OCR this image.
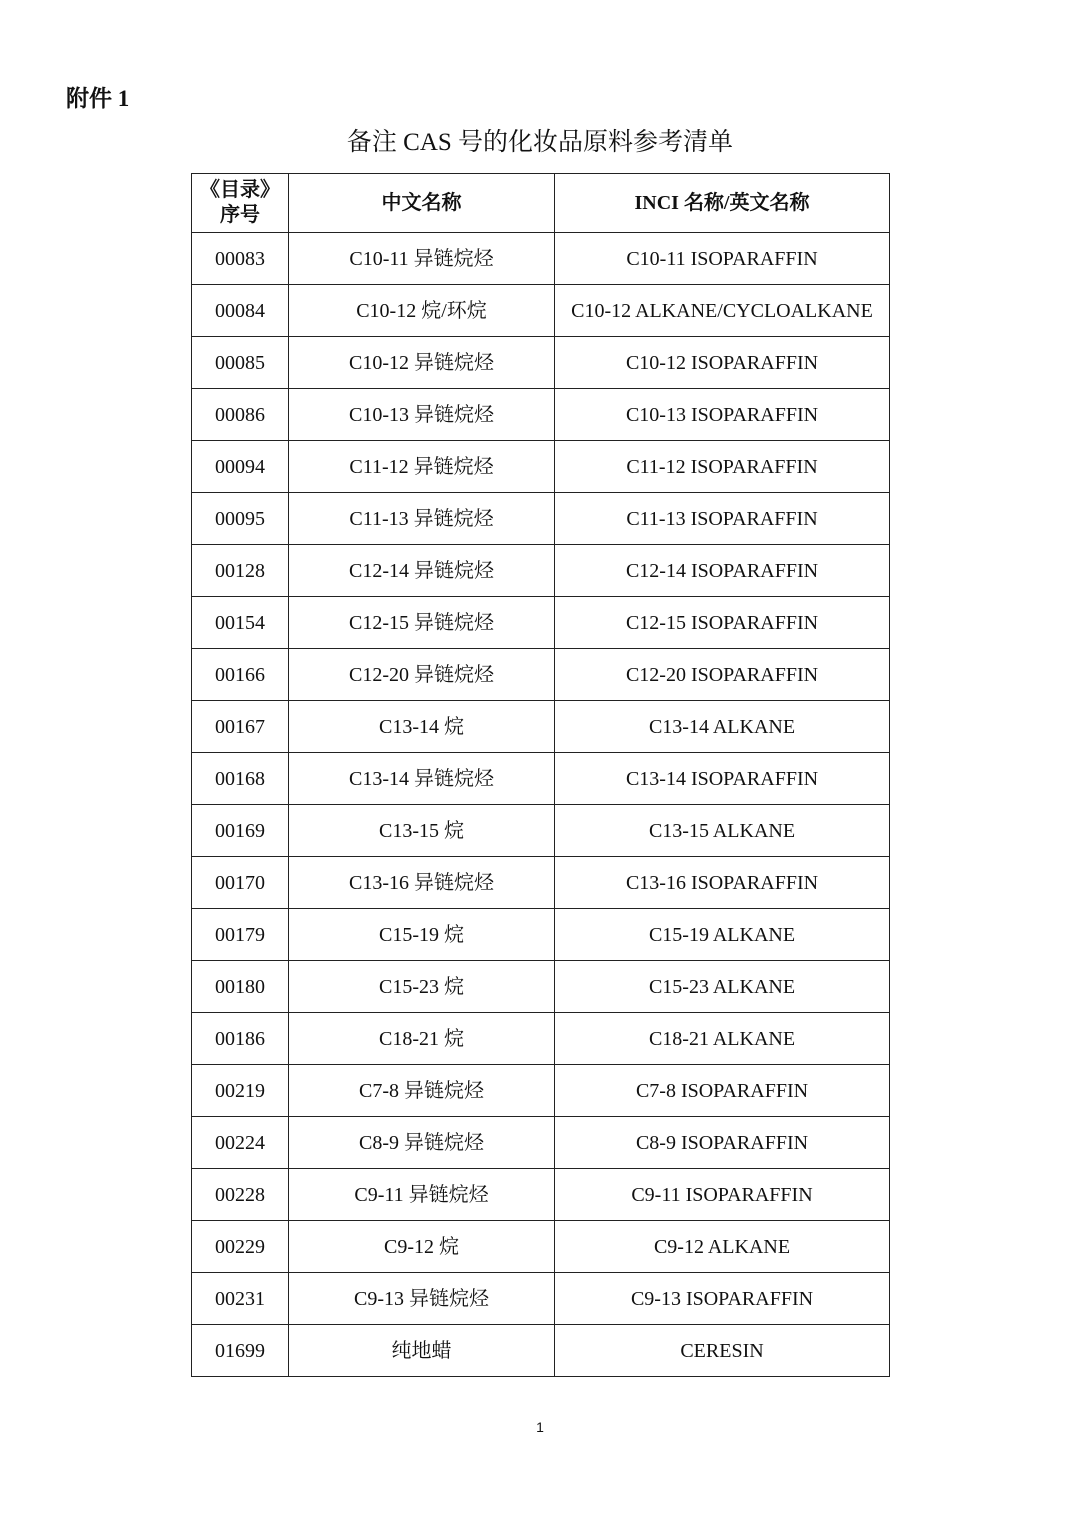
附件 1
备注 CAS 号的化妆品原料参考清单
《目录》
序号	中文名称	INCI 名称/英文名称
00083	C10-11 异链烷烃	C10-11 ISOPARAFFIN
00084	C10-12 烷/环烷	C10-12 ALKANE/CYCLOALKANE
00085	C10-12 异链烷烃	C10-12 ISOPARAFFIN
00086	C10-13 异链烷烃	C10-13 ISOPARAFFIN
00094	C11-12 异链烷烃	C11-12 ISOPARAFFIN
00095	C11-13 异链烷烃	C11-13 ISOPARAFFIN
00128	C12-14 异链烷烃	C12-14 ISOPARAFFIN
00154	C12-15 异链烷烃	C12-15 ISOPARAFFIN
00166	C12-20 异链烷烃	C12-20 ISOPARAFFIN
00167	C13-14 烷	C13-14 ALKANE
00168	C13-14 异链烷烃	C13-14 ISOPARAFFIN
00169	C13-15 烷	C13-15 ALKANE
00170	C13-16 异链烷烃	C13-16 ISOPARAFFIN
00179	C15-19 烷	C15-19 ALKANE
00180	C15-23 烷	C15-23 ALKANE
00186	C18-21 烷	C18-21 ALKANE
00219	C7-8 异链烷烃	C7-8 ISOPARAFFIN
00224	C8-9 异链烷烃	C8-9 ISOPARAFFIN
00228	C9-11 异链烷烃	C9-11 ISOPARAFFIN
00229	C9-12 烷	C9-12 ALKANE
00231	C9-13 异链烷烃	C9-13 ISOPARAFFIN
01699	纯地蜡	CERESIN
1
